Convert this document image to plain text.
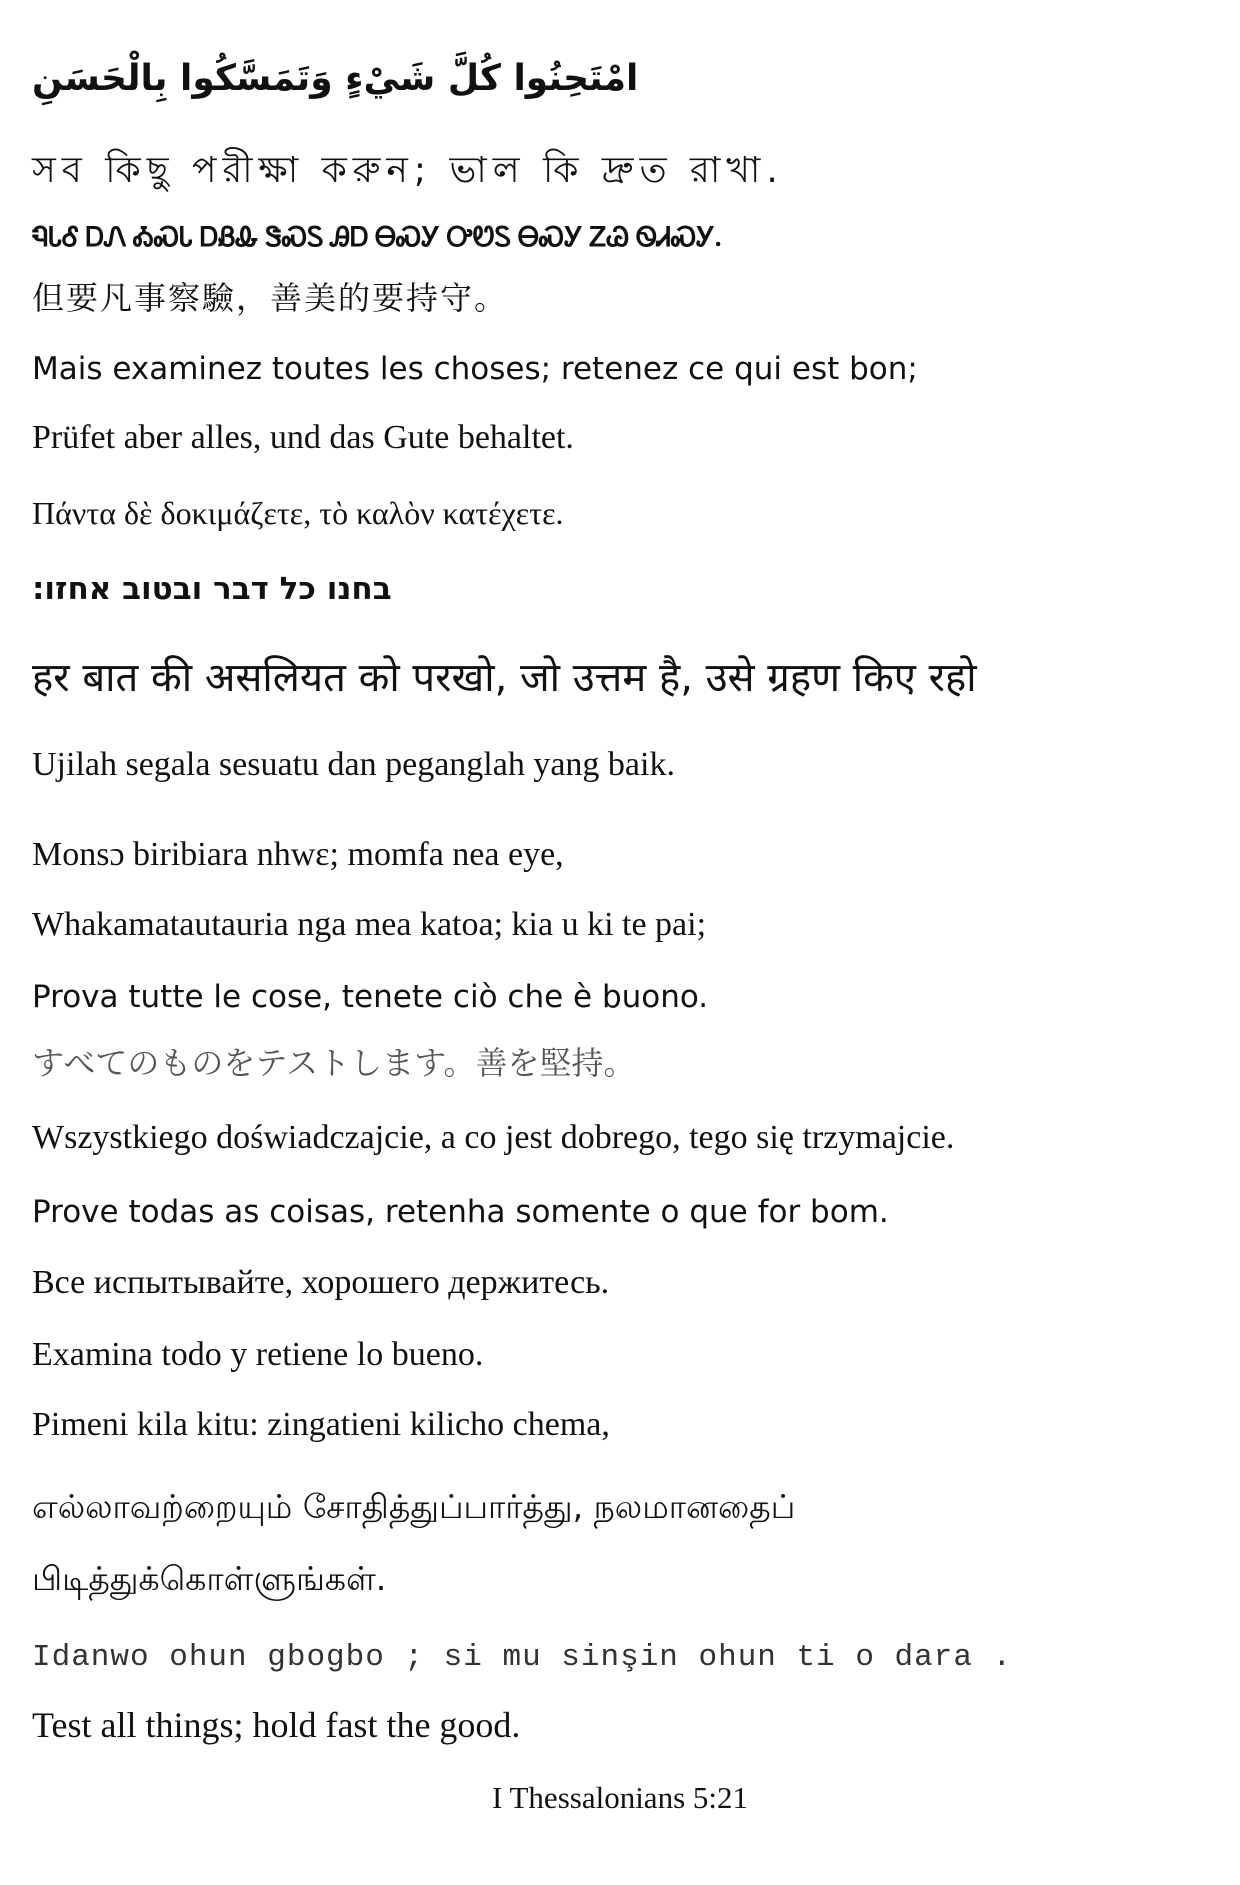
امْتَحِنُوا كُلَّ شَيْءٍ وَتَمَسَّكُوا بِالْحَسَنِ
সব কিছু পরীক্ষা করুন; ভাল কি দ্রুত রাখা.
ᏄᏓᎴ ᎠᏁ ᎣᏍᏓ ᎠᏰᎲ ᏕᏍᏚ ᎯᎠ ᎾᏍᎩ ᎤᏬᏚ ᎾᏍᎩ ᏃᏊ ᏫᏗᏍᎩ.
但要凡事察驗，善美的要持守。
Mais examinez toutes les choses; retenez ce qui est bon;
Prüfet aber alles, und das Gute behaltet.
Πάντα δὲ δοκιμάζετε, τὸ καλὸν κατέχετε.
בחנו כל דבר ובטוב אחזו:
हर बात की असलियत को परखो, जो उत्तम है, उसे ग्रहण किए रहो
Ujilah segala sesuatu dan peganglah yang baik.
Monsɔ biribiara nhwɛ; momfa nea eye,
Whakamatautauria nga mea katoa; kia u ki te pai;
Prova tutte le cose, tenete ciò che è buono.
すべてのものをテストします。善を堅持。
Wszystkiego doświadczajcie, a co jest dobrego, tego się trzymajcie.
Prove todas as coisas, retenha somente o que for bom.
Все испытывайте, хорошего держитесь.
Examina todo y retiene lo bueno.
Pimeni kila kitu: zingatieni kilicho chema,
எல்லாவற்றையும் சோதித்துப்பார்த்து, நலமானதைப்
பிடித்துக்கொள்ளுங்கள்.
Idanwo ohun gbogbo ; si mu sinşin ohun ti o dara .
Test all things; hold fast the good.
I Thessalonians 5:21
